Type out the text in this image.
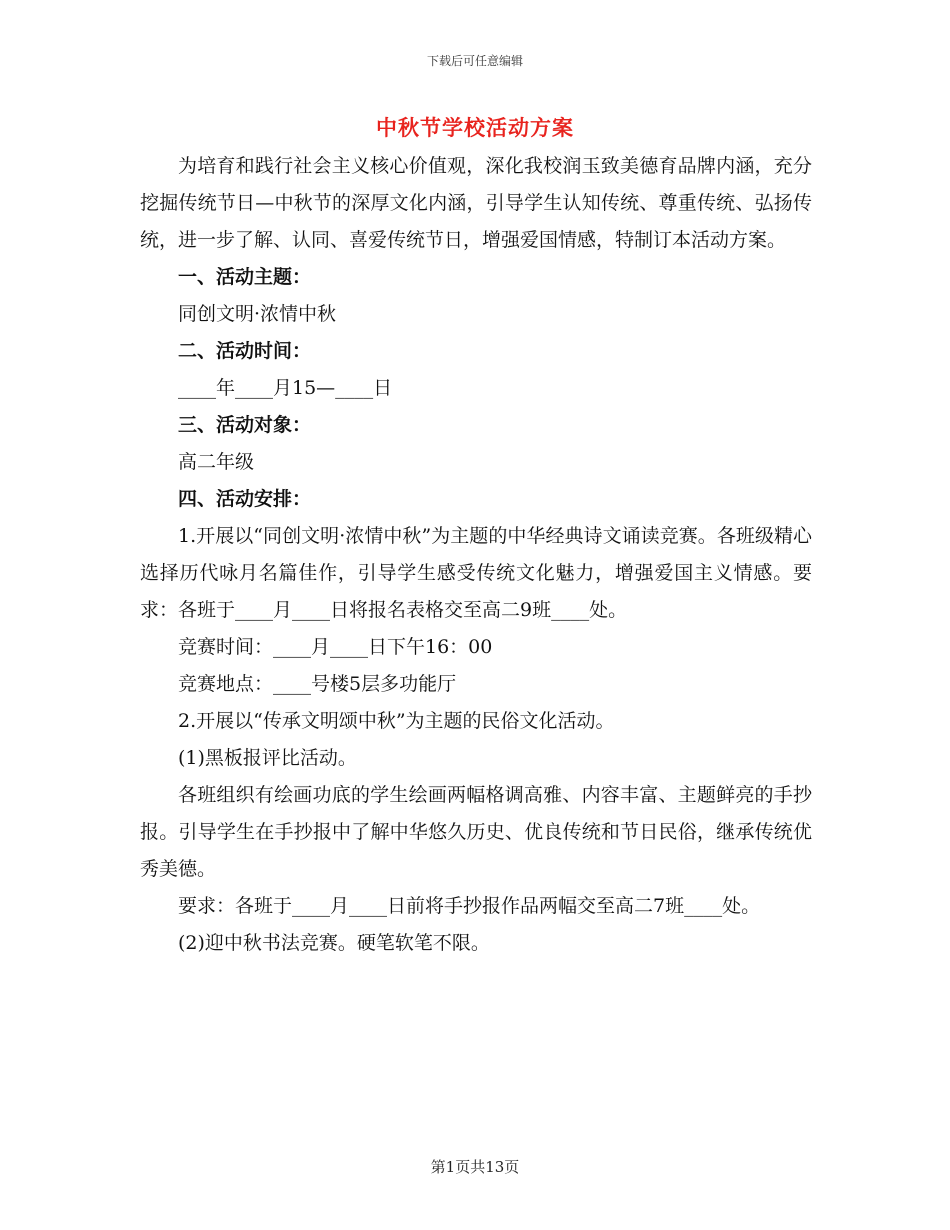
下载后可任意编辑
中秋节学校活动方案

为培育和践行社会主义核心价值观，深化我校润玉致美德育品牌内涵，充分挖掘传统节日—中秋节的深厚文化内涵，引导学生认知传统、尊重传统、弘扬传统，进一步了解、认同、喜爱传统节日，增强爱国情感，特制订本活动方案。

一、活动主题：

同创文明·浓情中秋

二、活动时间：

____年____月15—____日

三、活动对象：

高二年级

四、活动安排：

1.开展以“同创文明·浓情中秋”为主题的中华经典诗文诵读竞赛。各班级精心选择历代咏月名篇佳作，引导学生感受传统文化魅力，增强爱国主义情感。要求：各班于____月____日将报名表格交至高二9班____处。

竞赛时间：____月____日下午16：00

竞赛地点：____号楼5层多功能厅

2.开展以“传承文明颂中秋”为主题的民俗文化活动。

(1)黑板报评比活动。

各班组织有绘画功底的学生绘画两幅格调高雅、内容丰富、主题鲜亮的手抄报。引导学生在手抄报中了解中华悠久历史、优良传统和节日民俗，继承传统优秀美德。

要求：各班于____月____日前将手抄报作品两幅交至高二7班____处。

(2)迎中秋书法竞赛。硬笔软笔不限。

第1页共13页
